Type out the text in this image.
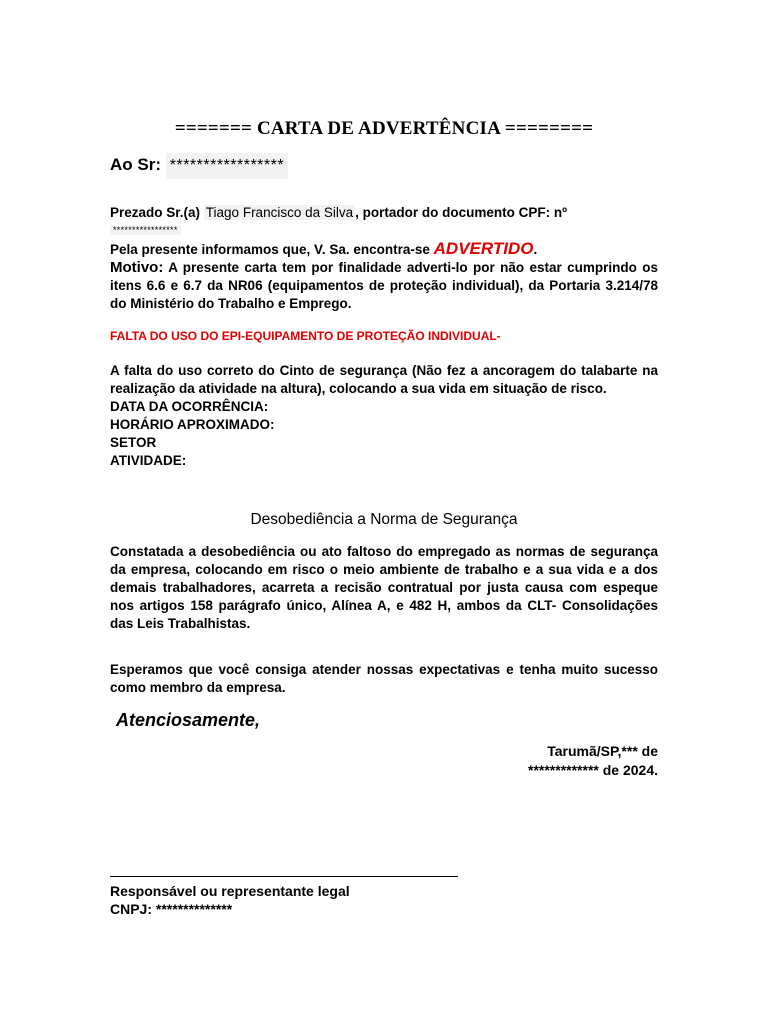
======= CARTA DE ADVERTÊNCIA ========
Ao Sr: *****************
Prezado Sr.(a) Tiago Francisco da Silva , portador do documento CPF: nº
*****************
Pela presente informamos que, V. Sa. encontra-se ADVERTIDO.
Motivo: A presente carta tem por finalidade adverti-lo por não estar cumprindo os itens 6.6 e 6.7 da NR06 (equipamentos de proteção individual), da Portaria 3.214/78 do Ministério do Trabalho e Emprego.
FALTA DO USO DO EPI-EQUIPAMENTO DE PROTEÇÃO INDIVIDUAL-
A falta do uso correto do Cinto de segurança (Não fez a ancoragem do talabarte na realização da atividade na altura), colocando a sua vida em situação de risco.
DATA DA OCORRÊNCIA:
HORÁRIO APROXIMADO:
SETOR
ATIVIDADE:
Desobediência a Norma de Segurança
Constatada a desobediência ou ato faltoso do empregado as normas de segurança da empresa, colocando em risco o meio ambiente de trabalho e a sua vida e a dos demais trabalhadores, acarreta a recisão contratual por justa causa com espeque nos artigos 158 parágrafo único, Alínea A, e 482 H, ambos da CLT- Consolidações das Leis Trabalhistas.
Esperamos que você consiga atender nossas expectativas e tenha muito sucesso como membro da empresa.
Atenciosamente,
Tarumã/SP,*** de
************* de 2024.
Responsável ou representante legal
CNPJ: **************
